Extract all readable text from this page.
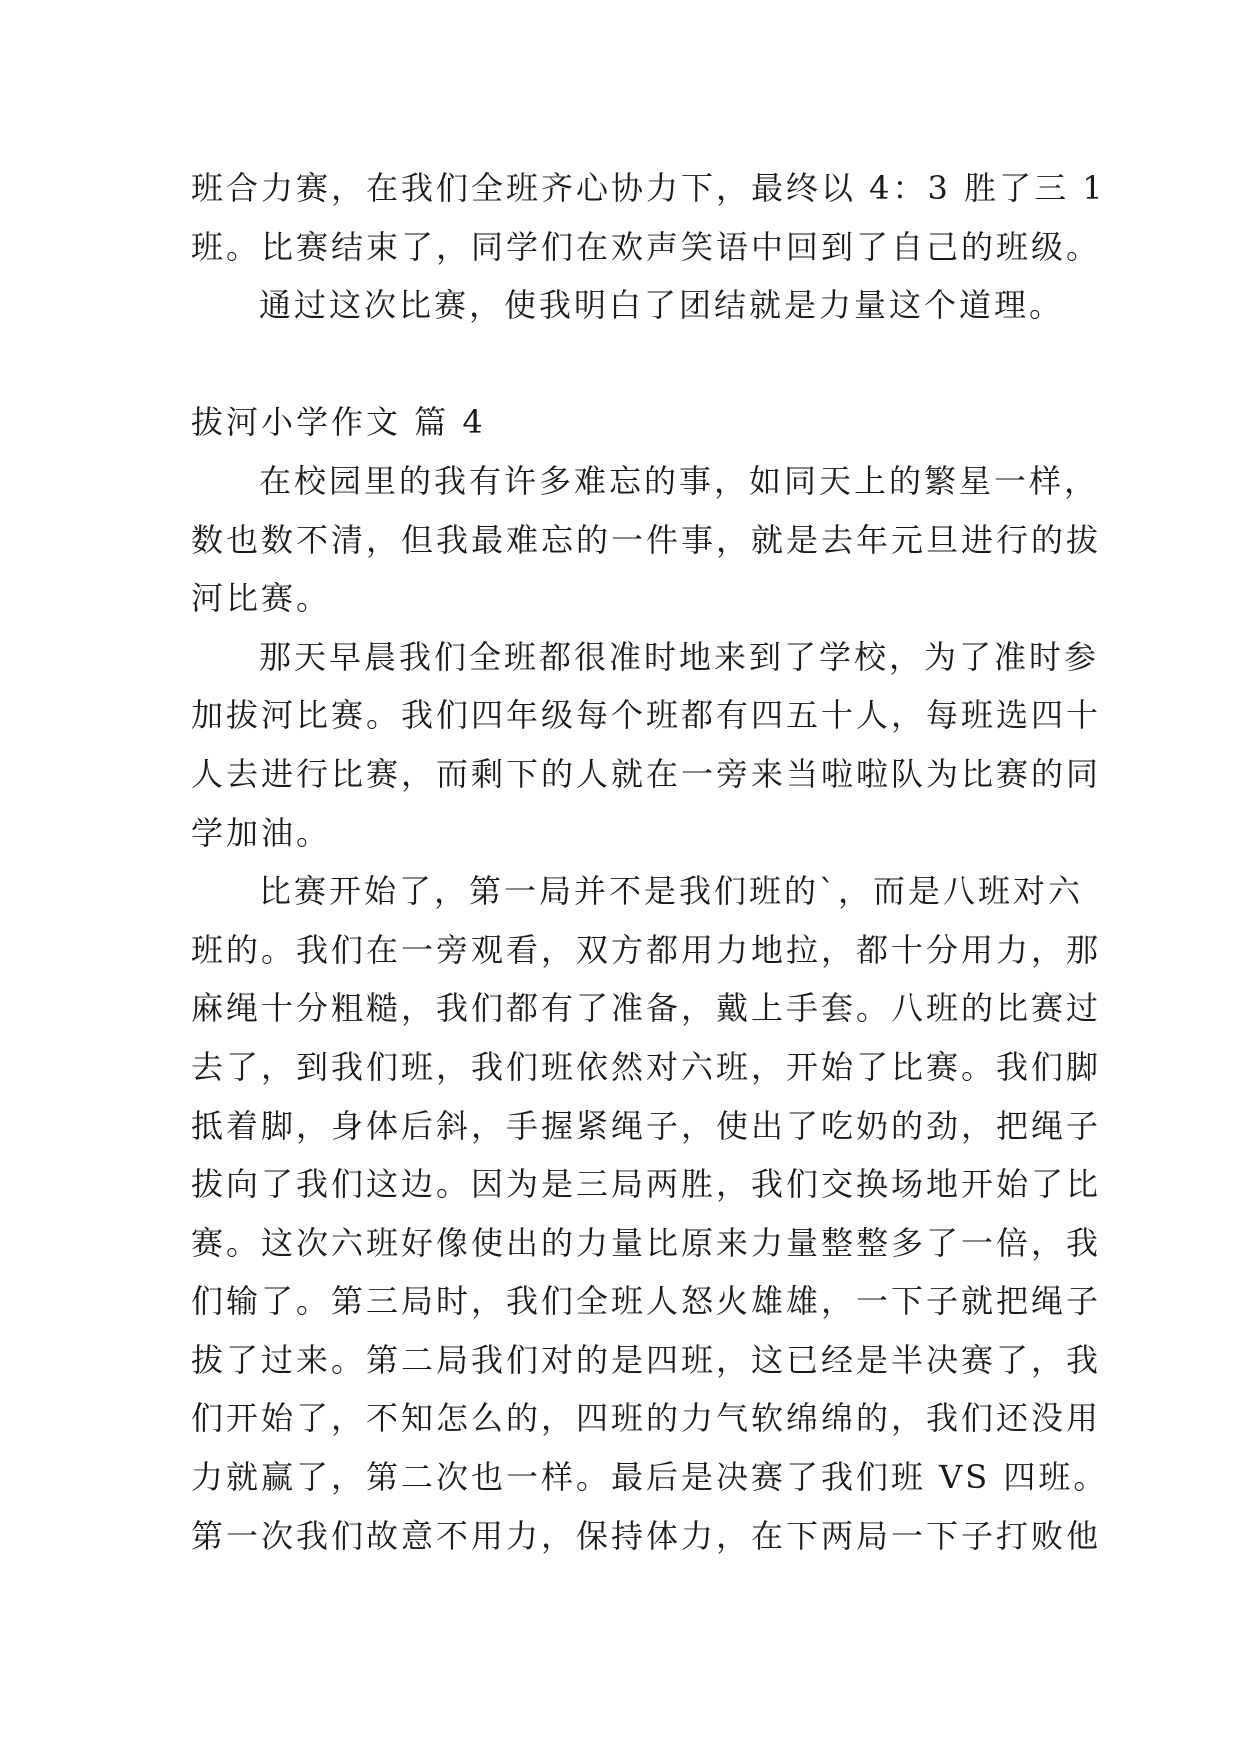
班合力赛，在我们全班齐心协力下，最终以 4：3 胜了三 1
班。比赛结束了，同学们在欢声笑语中回到了自己的班级。
通过这次比赛，使我明白了团结就是力量这个道理。
拔河小学作文 篇 4
在校园里的我有许多难忘的事，如同天上的繁星一样，
数也数不清，但我最难忘的一件事，就是去年元旦进行的拔
河比赛。
那天早晨我们全班都很准时地来到了学校，为了准时参
加拔河比赛。我们四年级每个班都有四五十人，每班选四十
人去进行比赛，而剩下的人就在一旁来当啦啦队为比赛的同
学加油。
比赛开始了，第一局并不是我们班的`，而是八班对六
班的。我们在一旁观看，双方都用力地拉，都十分用力，那
麻绳十分粗糙，我们都有了准备，戴上手套。八班的比赛过
去了，到我们班，我们班依然对六班，开始了比赛。我们脚
抵着脚，身体后斜，手握紧绳子，使出了吃奶的劲，把绳子
拔向了我们这边。因为是三局两胜，我们交换场地开始了比
赛。这次六班好像使出的力量比原来力量整整多了一倍，我
们输了。第三局时，我们全班人怒火雄雄，一下子就把绳子
拔了过来。第二局我们对的是四班，这已经是半决赛了，我
们开始了，不知怎么的，四班的力气软绵绵的，我们还没用
力就赢了，第二次也一样。最后是决赛了我们班 VS 四班。
第一次我们故意不用力，保持体力，在下两局一下子打败他
